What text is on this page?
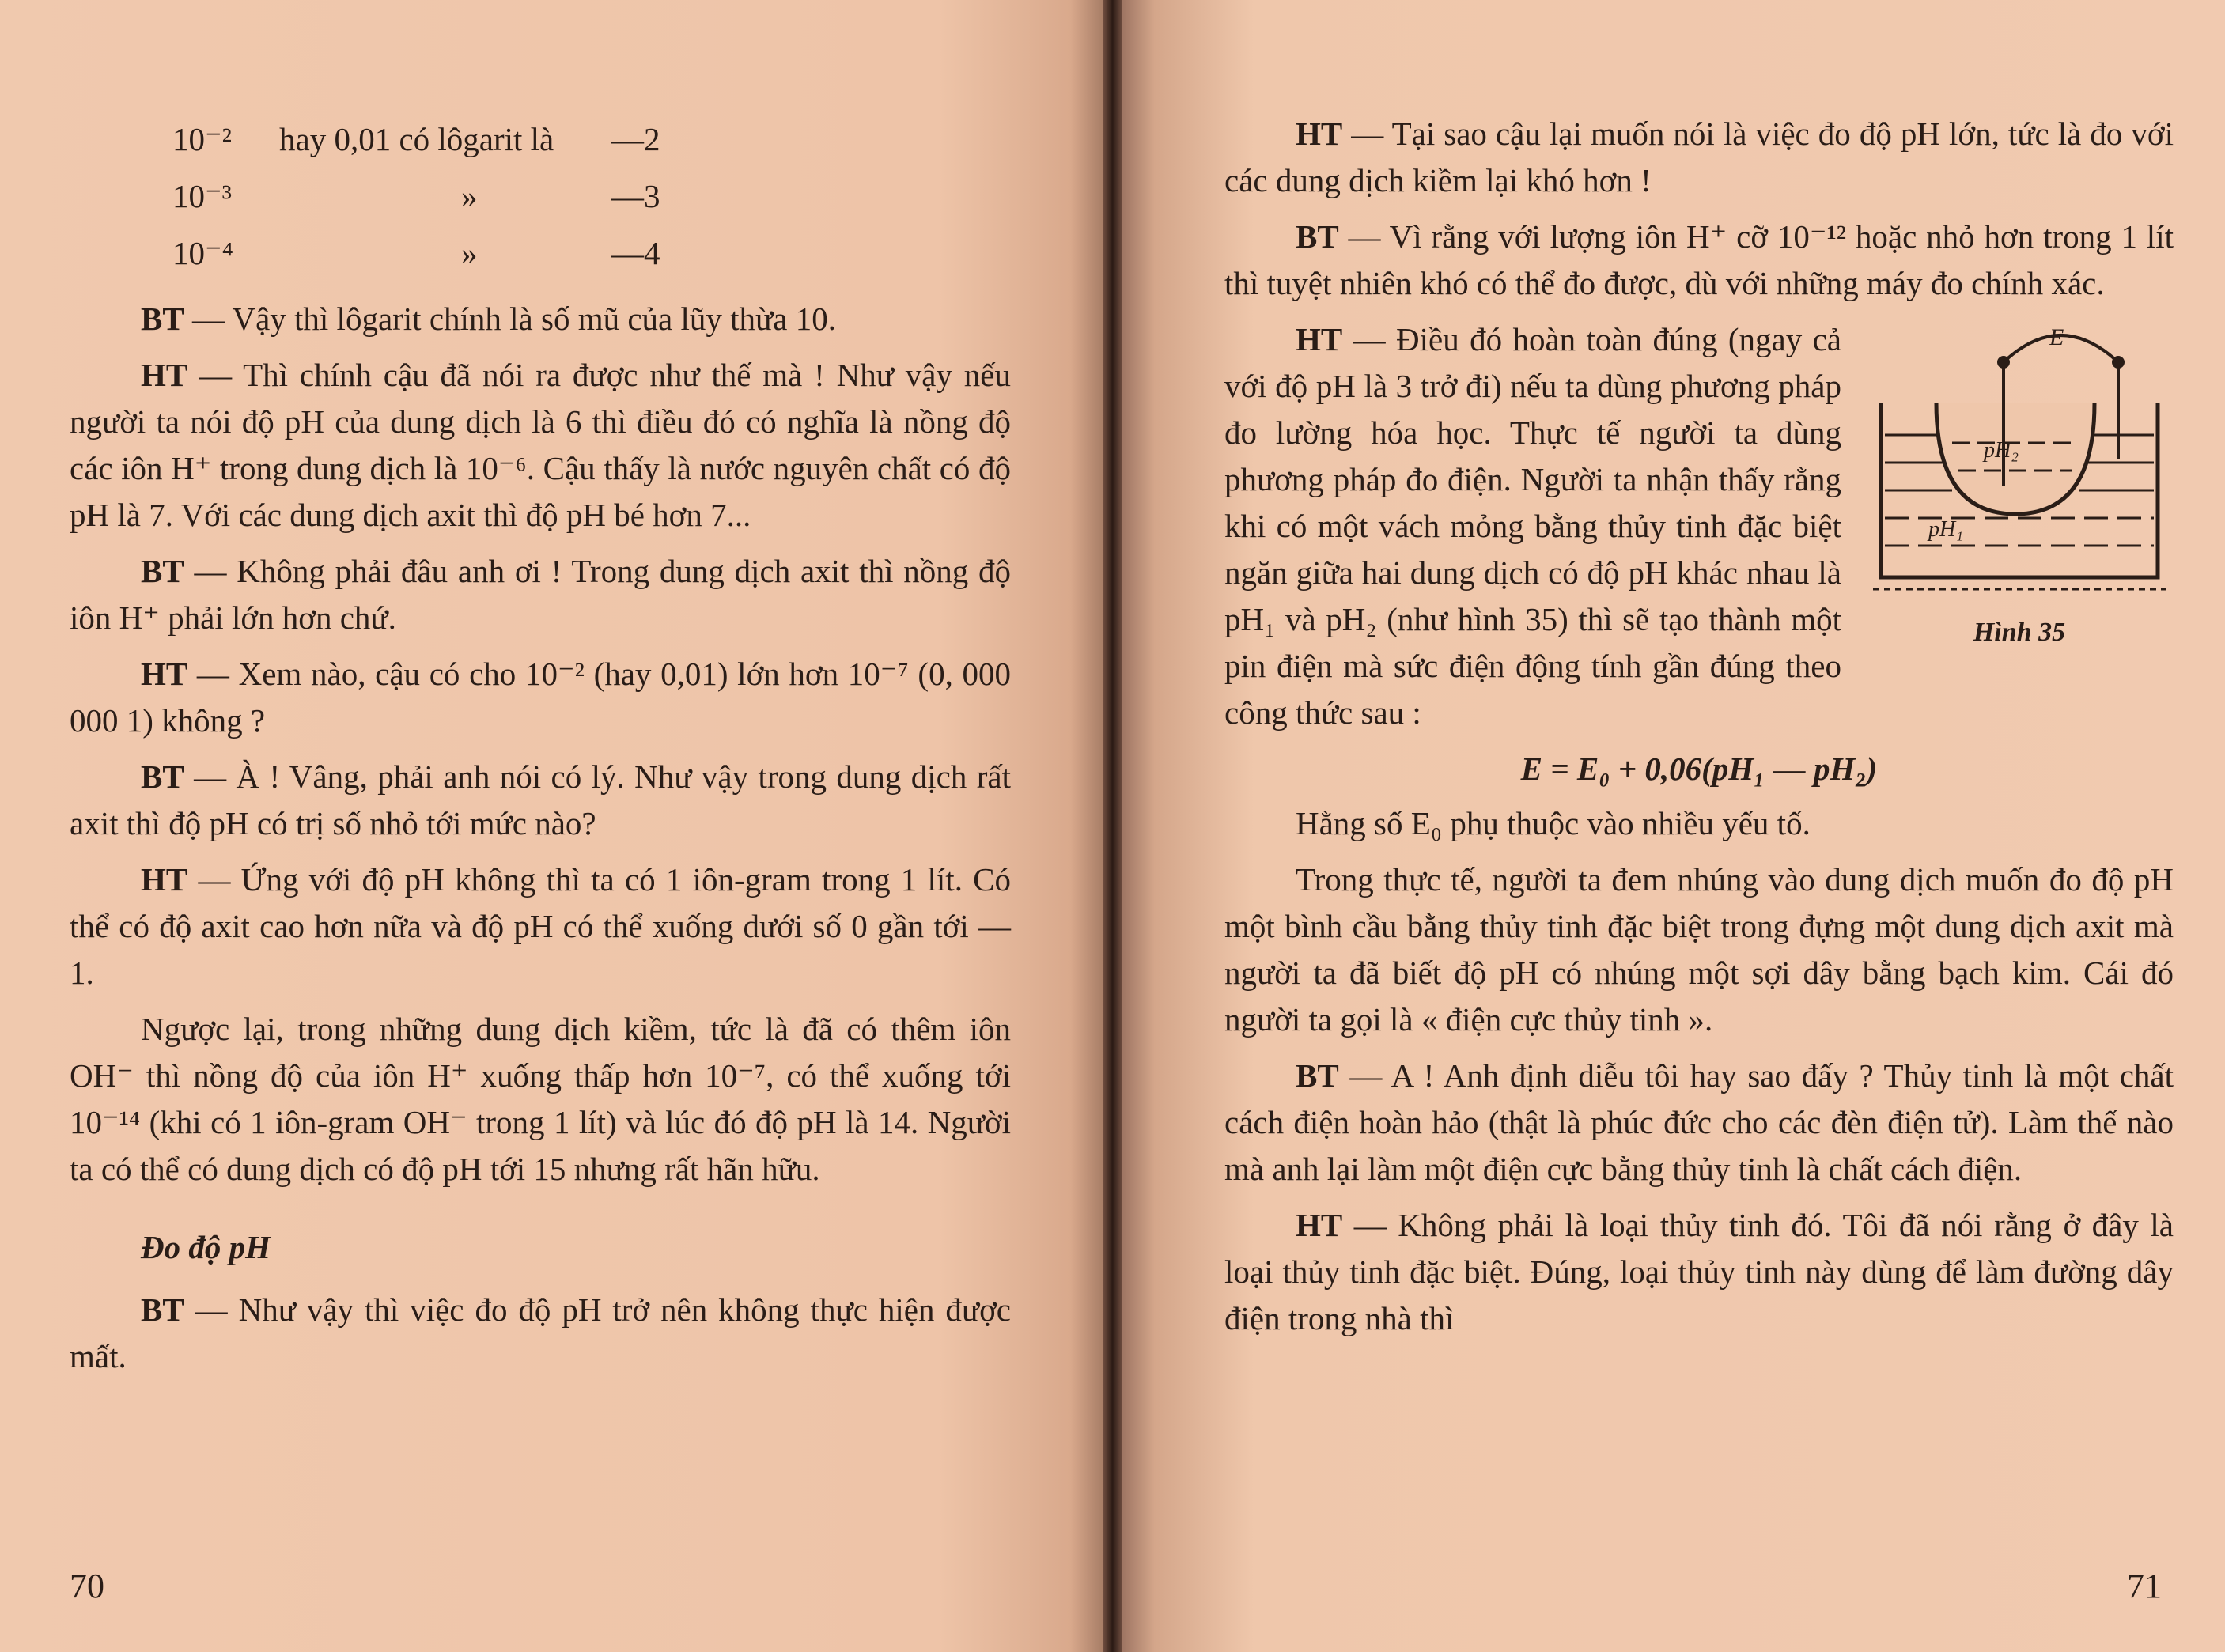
10⁻²	hay 0,01 có lôgarit là	—2
10⁻³	»	—3
10⁻⁴	»	—4

BT — Vậy thì lôgarit chính là số mũ của lũy thừa 10.

HT — Thì chính cậu đã nói ra được như thế mà ! Như vậy nếu người ta nói độ pH của dung dịch là 6 thì điều đó có nghĩa là nồng độ các iôn H⁺ trong dung dịch là 10⁻⁶. Cậu thấy là nước nguyên chất có độ pH là 7. Với các dung dịch axit thì độ pH bé hơn 7...

BT — Không phải đâu anh ơi ! Trong dung dịch axit thì nồng độ iôn H⁺ phải lớn hơn chứ.

HT — Xem nào, cậu có cho 10⁻² (hay 0,01) lớn hơn 10⁻⁷ (0, 000 000 1) không ?

BT — À ! Vâng, phải anh nói có lý. Như vậy trong dung dịch rất axit thì độ pH có trị số nhỏ tới mức nào?

HT — Ứng với độ pH không thì ta có 1 iôn-gram trong 1 lít. Có thể có độ axit cao hơn nữa và độ pH có thể xuống dưới số 0 gần tới — 1.

Ngược lại, trong những dung dịch kiềm, tức là đã có thêm iôn OH⁻ thì nồng độ của iôn H⁺ xuống thấp hơn 10⁻⁷, có thể xuống tới 10⁻¹⁴ (khi có 1 iôn-gram OH⁻ trong 1 lít) và lúc đó độ pH là 14. Người ta có thể có dung dịch có độ pH tới 15 nhưng rất hãn hữu.

Đo độ pH

BT — Như vậy thì việc đo độ pH trở nên không thực hiện được mất.

70

HT — Tại sao cậu lại muốn nói là việc đo độ pH lớn, tức là đo với các dung dịch kiềm lại khó hơn !

BT — Vì rằng với lượng iôn H⁺ cỡ 10⁻¹² hoặc nhỏ hơn trong 1 lít thì tuyệt nhiên khó có thể đo được, dù với những máy đo chính xác.

E
pH₂
pH₁
Hình 35

HT — Điều đó hoàn toàn đúng (ngay cả với độ pH là 3 trở đi) nếu ta dùng phương pháp đo lường hóa học. Thực tế người ta dùng phương pháp đo điện. Người ta nhận thấy rằng khi có một vách mỏng bằng thủy tinh đặc biệt ngăn giữa hai dung dịch có độ pH khác nhau là pH₁ và pH₂ (như hình 35) thì sẽ tạo thành một pin điện mà sức điện động tính gần đúng theo công thức sau :

E = E₀ + 0,06(pH₁ — pH₂)

Hằng số E₀ phụ thuộc vào nhiều yếu tố.

Trong thực tế, người ta đem nhúng vào dung dịch muốn đo độ pH một bình cầu bằng thủy tinh đặc biệt trong đựng một dung dịch axit mà người ta đã biết độ pH có nhúng một sợi dây bằng bạch kim. Cái đó người ta gọi là « điện cực thủy tinh ».

BT — A ! Anh định diễu tôi hay sao đấy ? Thủy tinh là một chất cách điện hoàn hảo (thật là phúc đức cho các đèn điện tử). Làm thế nào mà anh lại làm một điện cực bằng thủy tinh là chất cách điện.

HT — Không phải là loại thủy tinh đó. Tôi đã nói rằng ở đây là loại thủy tinh đặc biệt. Đúng, loại thủy tinh này dùng để làm đường dây điện trong nhà thì

71
